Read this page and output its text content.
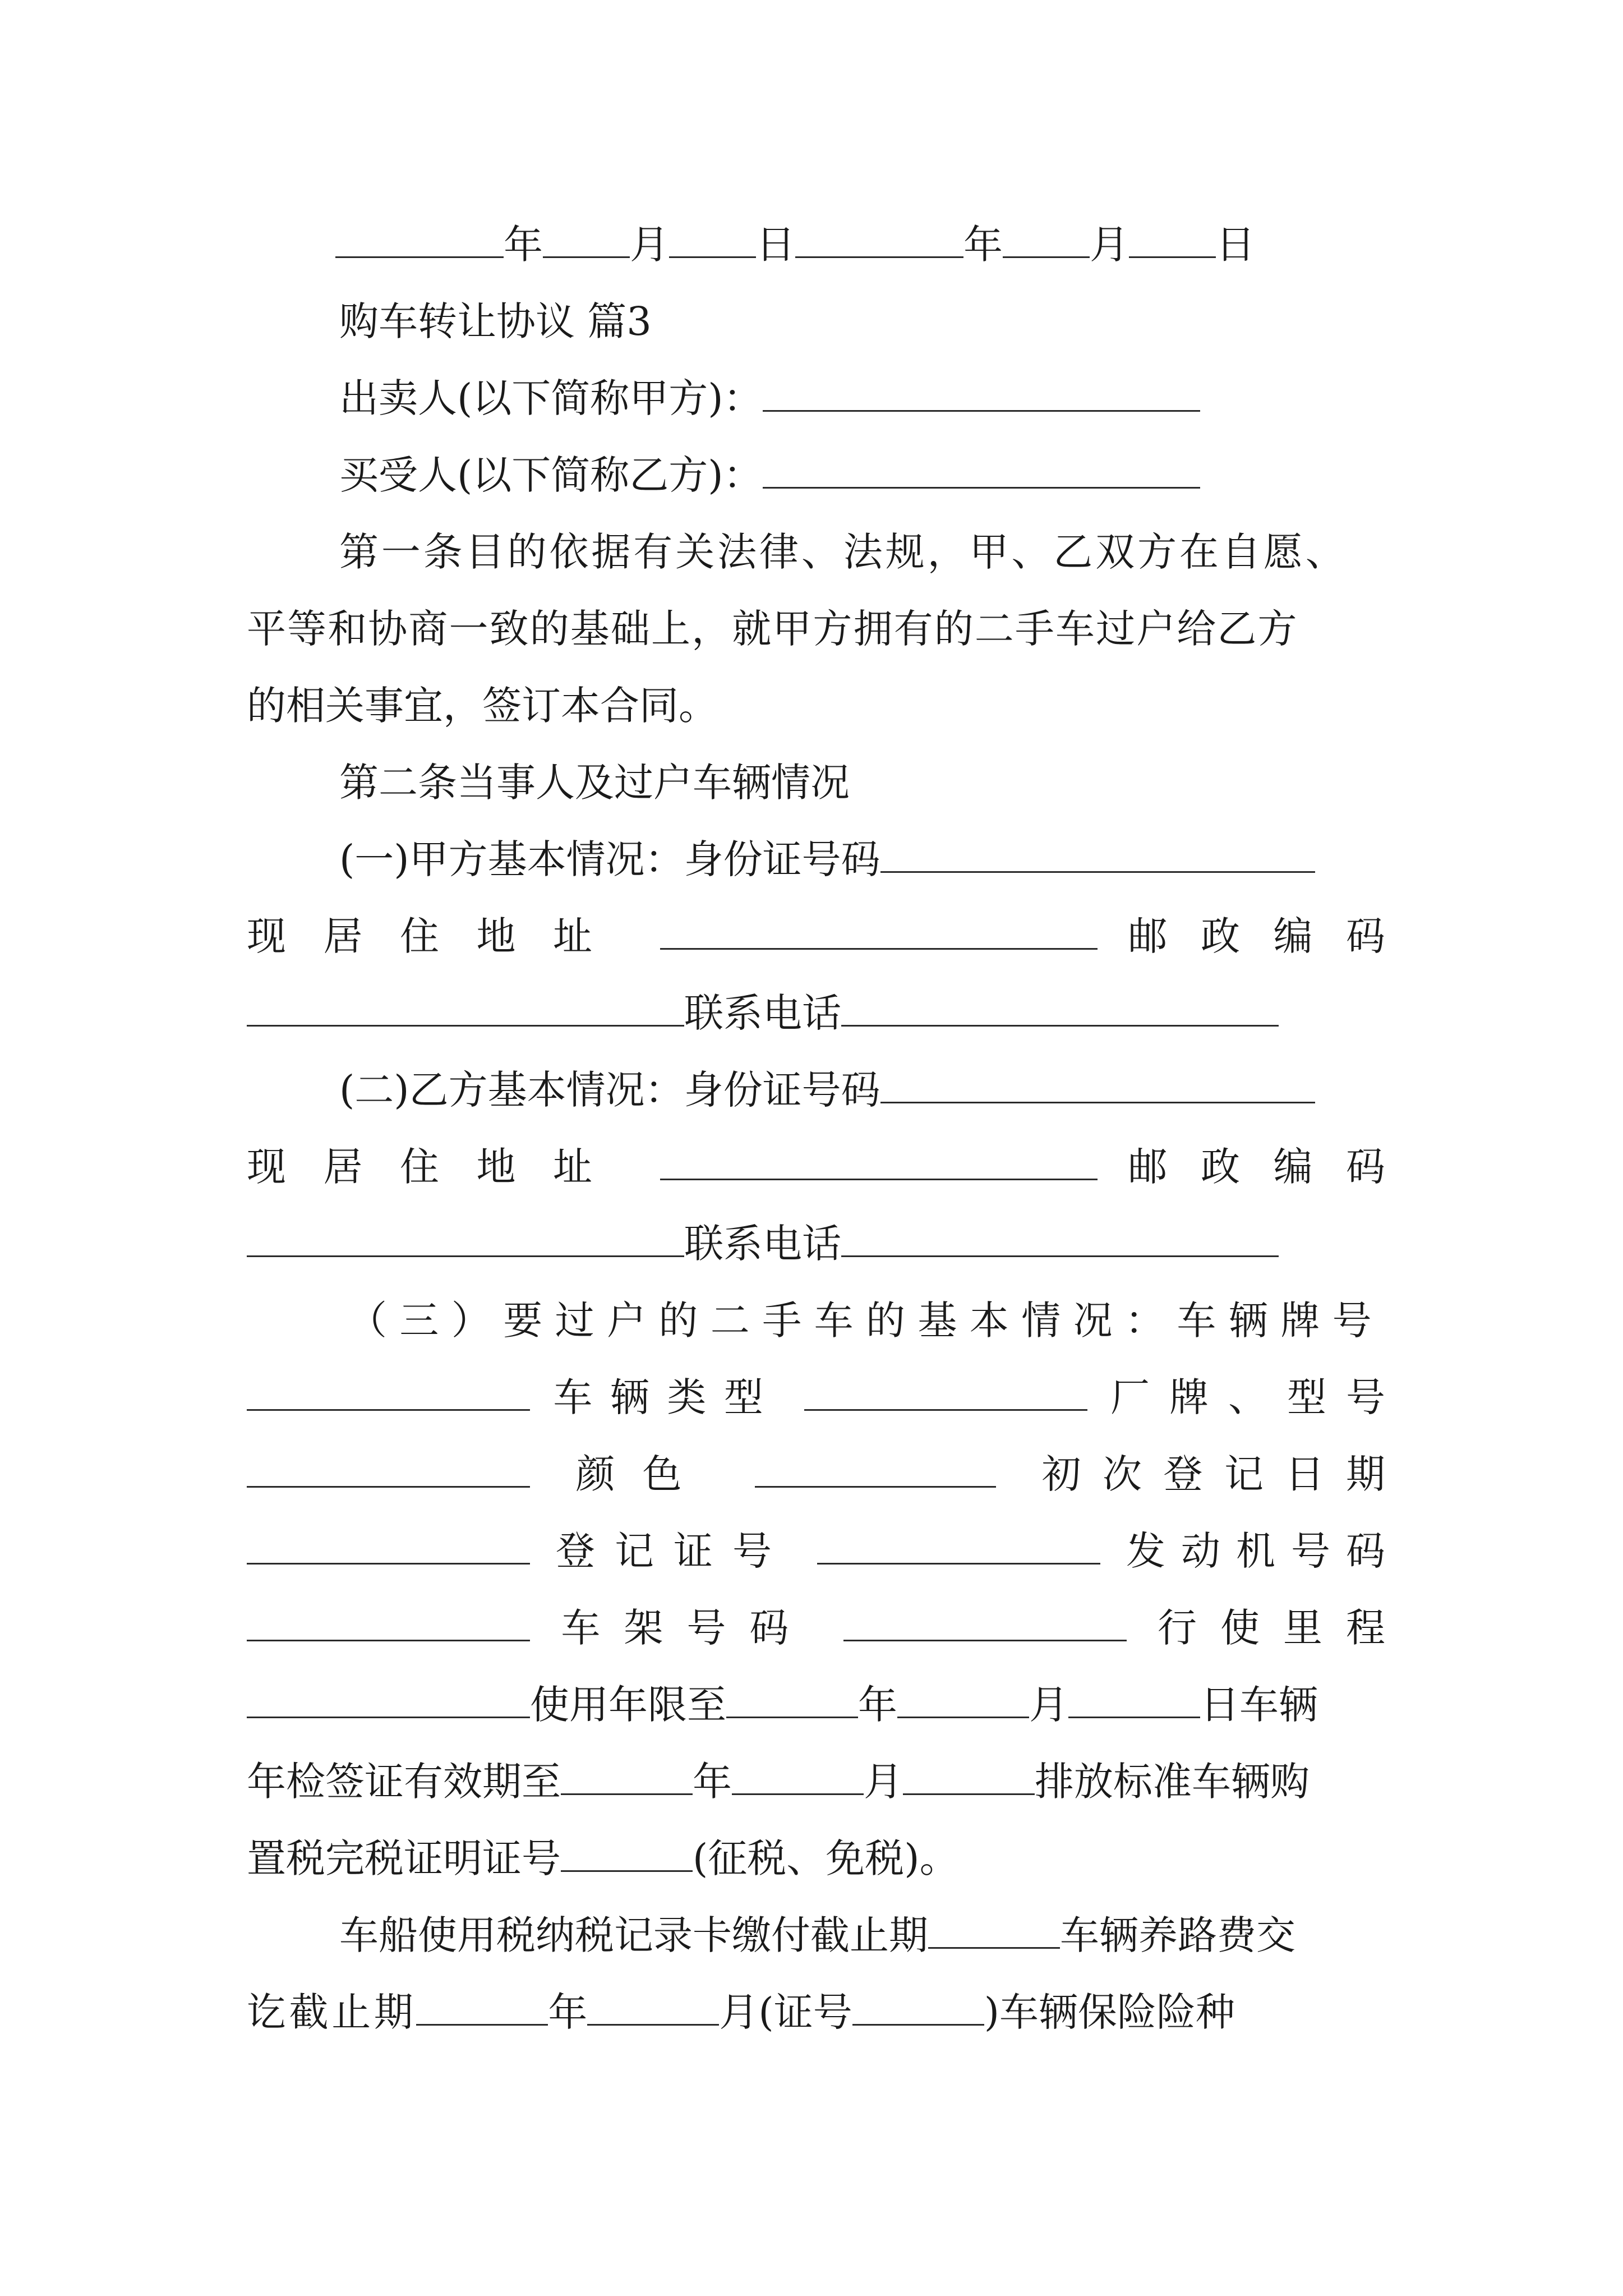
年 月 日	年 月 日
购车转让协议 篇3
出卖人(以下简称甲方)：
买受人(以下简称乙方)：
第一条目的依据有关法律、法规，甲、乙双方在自愿、
平等和协商一致的基础上，就甲方拥有的二手车过户给乙方
的相关事宜，签订本合同。
第二条当事人及过户车辆情况
(一)甲方基本情况：身份证号码
现居住地址	邮政编码
联系电话
(二)乙方基本情况：身份证号码
现居住地址	邮政编码
联系电话
（三）要过户的二手车的基本情况：车辆牌号
车辆类型	厂牌、型号
颜色	初次登记日期
登记证号	发动机号码
车架号码	行使里程
使用年限至	年	月	日车辆
年检签证有效期至	年	月	排放标准车辆购
置税完税证明证号	(征税、免税)。
车船使用税纳税记录卡缴付截止期	车辆养路费交
讫截止期	年	月(证号	)车辆保险险种
